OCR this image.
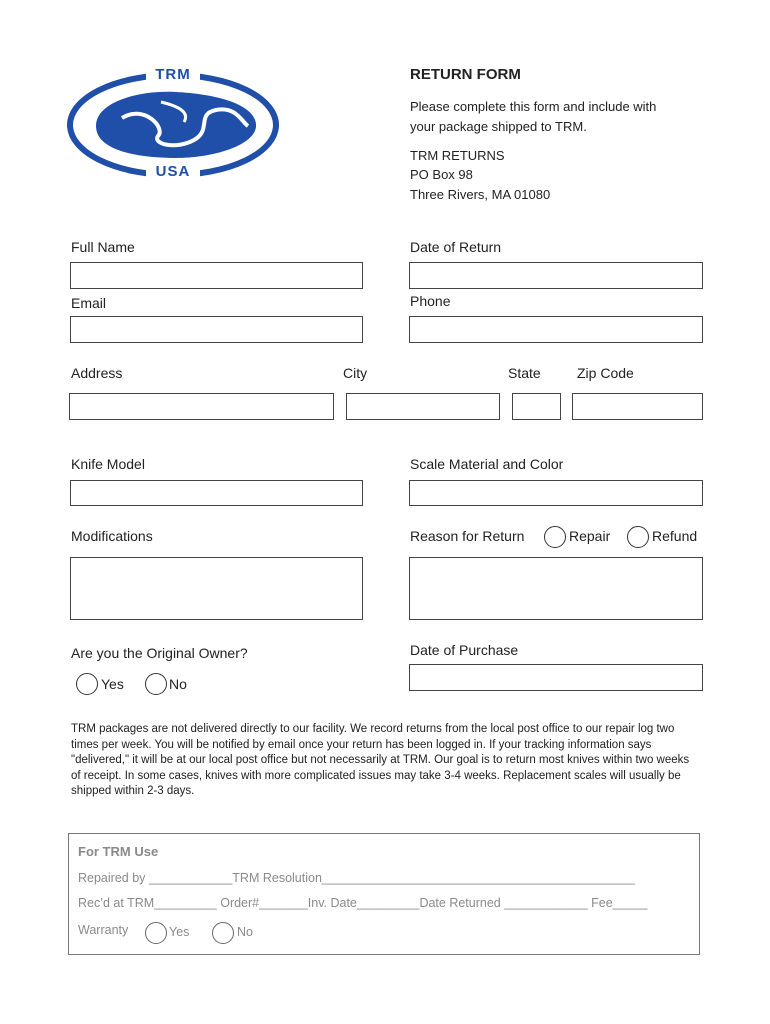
TRM
USA
RETURN FORM
Please complete this form and include with
your package shipped to TRM.
TRM RETURNS
PO Box 98
Three Rivers, MA 01080
Full Name	Date of Return
Email	Phone
Address	City	State	Zip Code
Knife Model	Scale Material and Color
Modifications	Reason for Return	Repair	Refund
Are you the Original Owner?
Yes	No
Date of Purchase
TRM packages are not delivered directly to our facility. We record returns from the local post office to our repair log two times per week. You will be notified by email once your return has been logged in. If your tracking information says "delivered," it will be at our local post office but not necessarily at TRM. Our goal is to return most knives within two weeks of receipt. In some cases, knives with more complicated issues may take 3-4 weeks. Replacement scales will usually be shipped within 2-3 days.
For TRM Use
Repaired by ____________TRM Resolution_____________________________________________
Rec’d at TRM_________ Order#_______Inv. Date_________Date Returned ____________ Fee_____
Warranty	Yes	No
